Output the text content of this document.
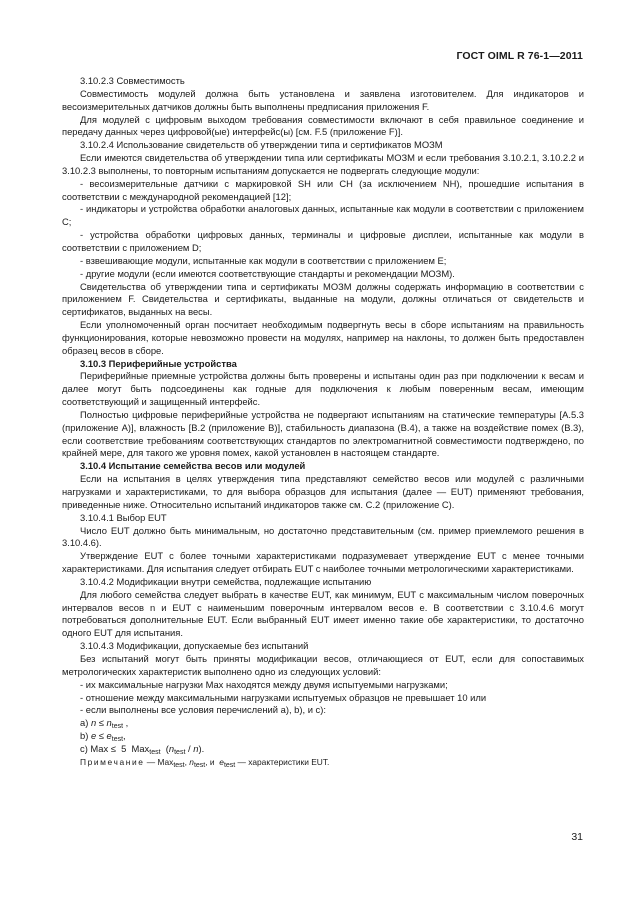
ГОСТ OIML R 76-1—2011

3.10.2.3 Совместимость

Совместимость модулей должна быть установлена и заявлена изготовителем. Для индикаторов и весоизмерительных датчиков должны быть выполнены предписания приложения F.

Для модулей с цифровым выходом требования совместимости включают в себя правильное соединение и передачу данных через цифровой(ые) интерфейс(ы) [см. F.5 (приложение F)].

3.10.2.4 Использование свидетельств об утверждении типа и сертификатов МОЗМ

Если имеются свидетельства об утверждении типа или сертификаты МОЗМ и если требования 3.10.2.1, 3.10.2.2 и 3.10.2.3 выполнены, то повторным испытаниям допускается не подвергать следующие модули:

- весоизмерительные датчики с маркировкой SH или CH (за исключением NH), прошедшие испытания в соответствии с международной рекомендацией [12];

- индикаторы и устройства обработки аналоговых данных, испытанные как модули в соответствии с приложением С;

- устройства обработки цифровых данных, терминалы и цифровые дисплеи, испытанные как модули в соответствии с приложением D;

- взвешивающие модули, испытанные как модули в соответствии с приложением Е;

- другие модули (если имеются соответствующие стандарты и рекомендации МОЗМ).

Свидетельства об утверждении типа и сертификаты МОЗМ должны содержать информацию в соответствии с приложением F. Свидетельства и сертификаты, выданные на модули, должны отличаться от свидетельств и сертификатов, выданных на весы.

Если уполномоченный орган посчитает необходимым подвергнуть весы в сборе испытаниям на правильность функционирования, которые невозможно провести на модулях, например на наклоны, то должен быть предоставлен образец весов в сборе.

3.10.3 Периферийные устройства

Периферийные приемные устройства должны быть проверены и испытаны один раз при подключении к весам и далее могут быть подсоединены как годные для подключения к любым поверенным весам, имеющим соответствующий и защищенный интерфейс.

Полностью цифровые периферийные устройства не подвергают испытаниям на статические температуры [А.5.3 (приложение А)], влажность [В.2 (приложение В)], стабильность диапазона (В.4), а также на воздействие помех (В.3), если соответствие требованиям соответствующих стандартов по электромагнитной совместимости подтверждено, по крайней мере, для такого же уровня помех, какой установлен в настоящем стандарте.

3.10.4 Испытание семейства весов или модулей

Если на испытания в целях утверждения типа представляют семейство весов или модулей с различными нагрузками и характеристиками, то для выбора образцов для испытания (далее — EUT) применяют требования, приведенные ниже. Относительно испытаний индикаторов также см. С.2 (приложение С).

3.10.4.1 Выбор EUT

Число EUT должно быть минимальным, но достаточно представительным (см. пример приемлемого решения в 3.10.4.6).

Утверждение EUT с более точными характеристиками подразумевает утверждение EUT с менее точными характеристиками. Для испытания следует отбирать EUT с наиболее точными метрологическими характеристиками.

3.10.4.2 Модификации внутри семейства, подлежащие испытанию

Для любого семейства следует выбрать в качестве EUT, как минимум, EUT с максимальным числом поверочных интервалов весов n и EUT с наименьшим поверочным интервалом весов e. В соответствии с 3.10.4.6 могут потребоваться дополнительные EUT. Если выбранный EUT имеет именно такие обе характеристики, то достаточно одного EUT для испытания.

3.10.4.3 Модификации, допускаемые без испытаний

Без испытаний могут быть приняты модификации весов, отличающиеся от EUT, если для сопоставимых метрологических характеристик выполнено одно из следующих условий:

- их максимальные нагрузки Max находятся между двумя испытуемыми нагрузками;

- отношение между максимальными нагрузками испытуемых образцов не превышает 10 или

- если выполнены все условия перечислений а), b), и с):

а) $n \le n_{test}$ ,

b) $e \le e_{test}$,

c) Max ≤  5  Max$_{test}$  $(n_{test} / n)$.

Примечание — Max$_{test}$, $n_{test}$, и  $e_{test}$ — характеристики EUT.

31
